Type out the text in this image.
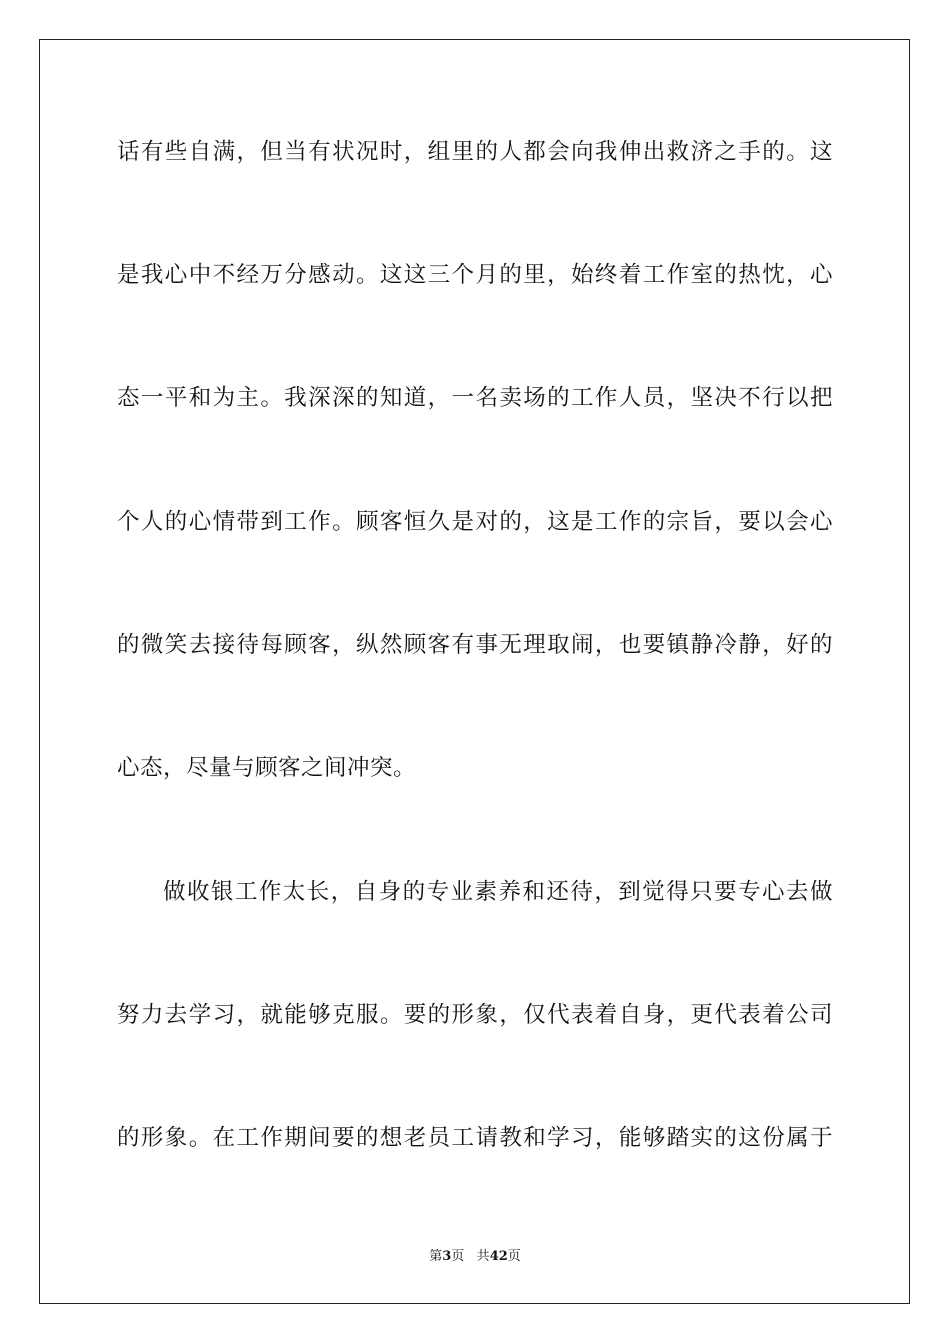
话有些自满，但当有状况时，组里的人都会向我伸出救济之手的。这
是我心中不经万分感动。这这三个月的里，始终着工作室的热忱，心
态一平和为主。我深深的知道，一名卖场的工作人员，坚决不行以把
个人的心情带到工作。顾客恒久是对的，这是工作的宗旨，要以会心
的微笑去接待每顾客，纵然顾客有事无理取闹，也要镇静冷静，好的
心态，尽量与顾客之间冲突。
做收银工作太长，自身的专业素养和还待，到觉得只要专心去做
努力去学习，就能够克服。要的形象，仅代表着自身，更代表着公司
的形象。在工作期间要的想老员工请教和学习，能够踏实的这份属于
第3页 共42页
